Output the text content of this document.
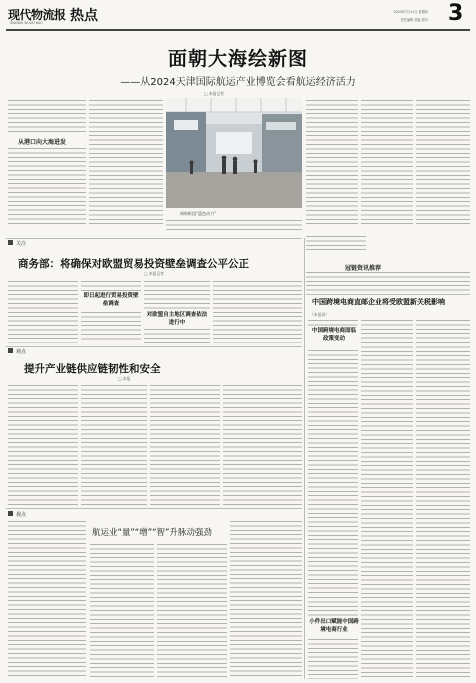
现代物流报
XIANDAI WULIU BAO 热点	2024年7月11日 星期四
责任编辑 美编 校对 3
面朝大海绘新图
——从2024天津国际航运产业博览会看航运经济活力
□ 本报记者
从港口向大海进发
周转枢纽“蓝色动力”
冠链资讯推荐
关注
商务部：将确保对欧盟贸易投资壁垒调查公平公正
□ 本报记者
即日起进行贸易投资壁垒调查
对欧盟自主地区调查依法进行中
观点
提升产业链供应链韧性和安全
□ 本报
视点
航运业“量”“增”“智”升脉动强劲
中国跨境电商直邮企业将受欧盟新关税影响
（本报讯）
中国跨境电商面临政策变动
小件出口赋能中国跨境电商行业
